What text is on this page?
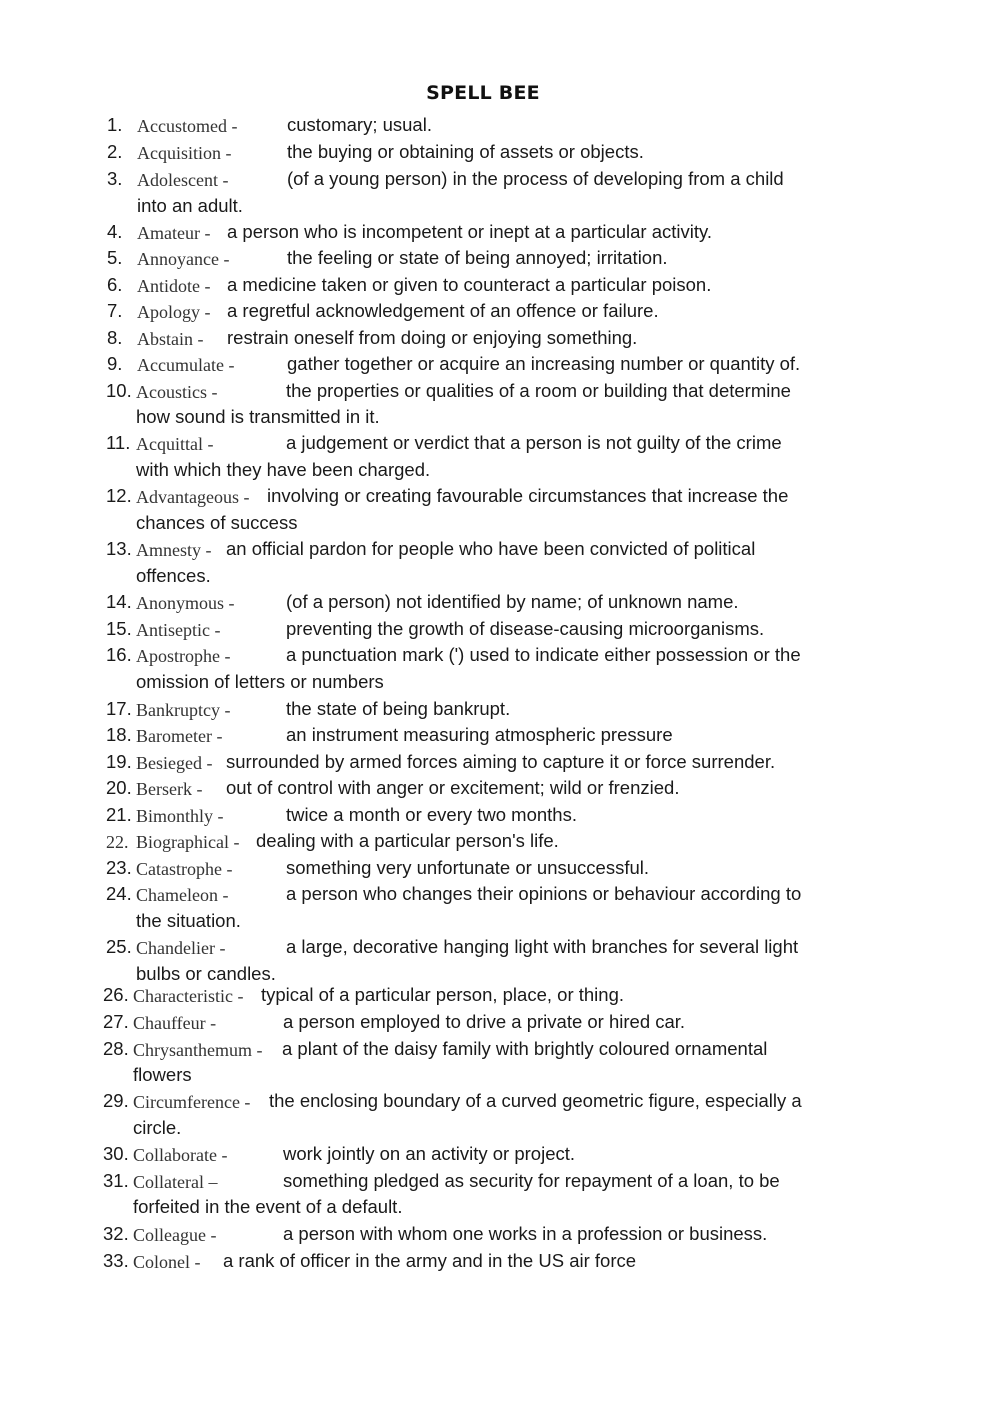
SPELL BEE
1. Accustomed -	customary; usual.
2. Acquisition -	the buying or obtaining of assets or objects.
3. Adolescent -	(of a young person) in the process of developing from a child
into an adult.
4. Amateur - a person who is incompetent or inept at a particular activity.
5. Annoyance -	the feeling or state of being annoyed; irritation.
6. Antidote - a medicine taken or given to counteract a particular poison.
7. Apology - a regretful acknowledgement of an offence or failure.
8. Abstain - restrain oneself from doing or enjoying something.
9. Accumulate -	gather together or acquire an increasing number or quantity of.
10. Acoustics -	the properties or qualities of a room or building that determine
how sound is transmitted in it.
11. Acquittal -	a judgement or verdict that a person is not guilty of the crime
with which they have been charged.
12. Advantageous - involving or creating favourable circumstances that increase the
chances of success
13. Amnesty - an official pardon for people who have been convicted of political
offences.
14. Anonymous -	(of a person) not identified by name; of unknown name.
15. Antiseptic -	preventing the growth of disease-causing microorganisms.
16. Apostrophe -	a punctuation mark (') used to indicate either possession or the
omission of letters or numbers
17. Bankruptcy -	the state of being bankrupt.
18. Barometer -	an instrument measuring atmospheric pressure
19. Besieged - surrounded by armed forces aiming to capture it or force surrender.
20. Berserk - out of control with anger or excitement; wild or frenzied.
21. Bimonthly -	twice a month or every two months.
22. Biographical - dealing with a particular person's life.
23. Catastrophe -	something very unfortunate or unsuccessful.
24. Chameleon -	a person who changes their opinions or behaviour according to
the situation.
25. Chandelier -	a large, decorative hanging light with branches for several light
bulbs or candles.
26. Characteristic - typical of a particular person, place, or thing.
27. Chauffeur -	a person employed to drive a private or hired car.
28. Chrysanthemum - a plant of the daisy family with brightly coloured ornamental
flowers
29. Circumference - the enclosing boundary of a curved geometric figure, especially a
circle.
30. Collaborate -	work jointly on an activity or project.
31. Collateral –	something pledged as security for repayment of a loan, to be
forfeited in the event of a default.
32. Colleague -	a person with whom one works in a profession or business.
33. Colonel - a rank of officer in the army and in the US air force
